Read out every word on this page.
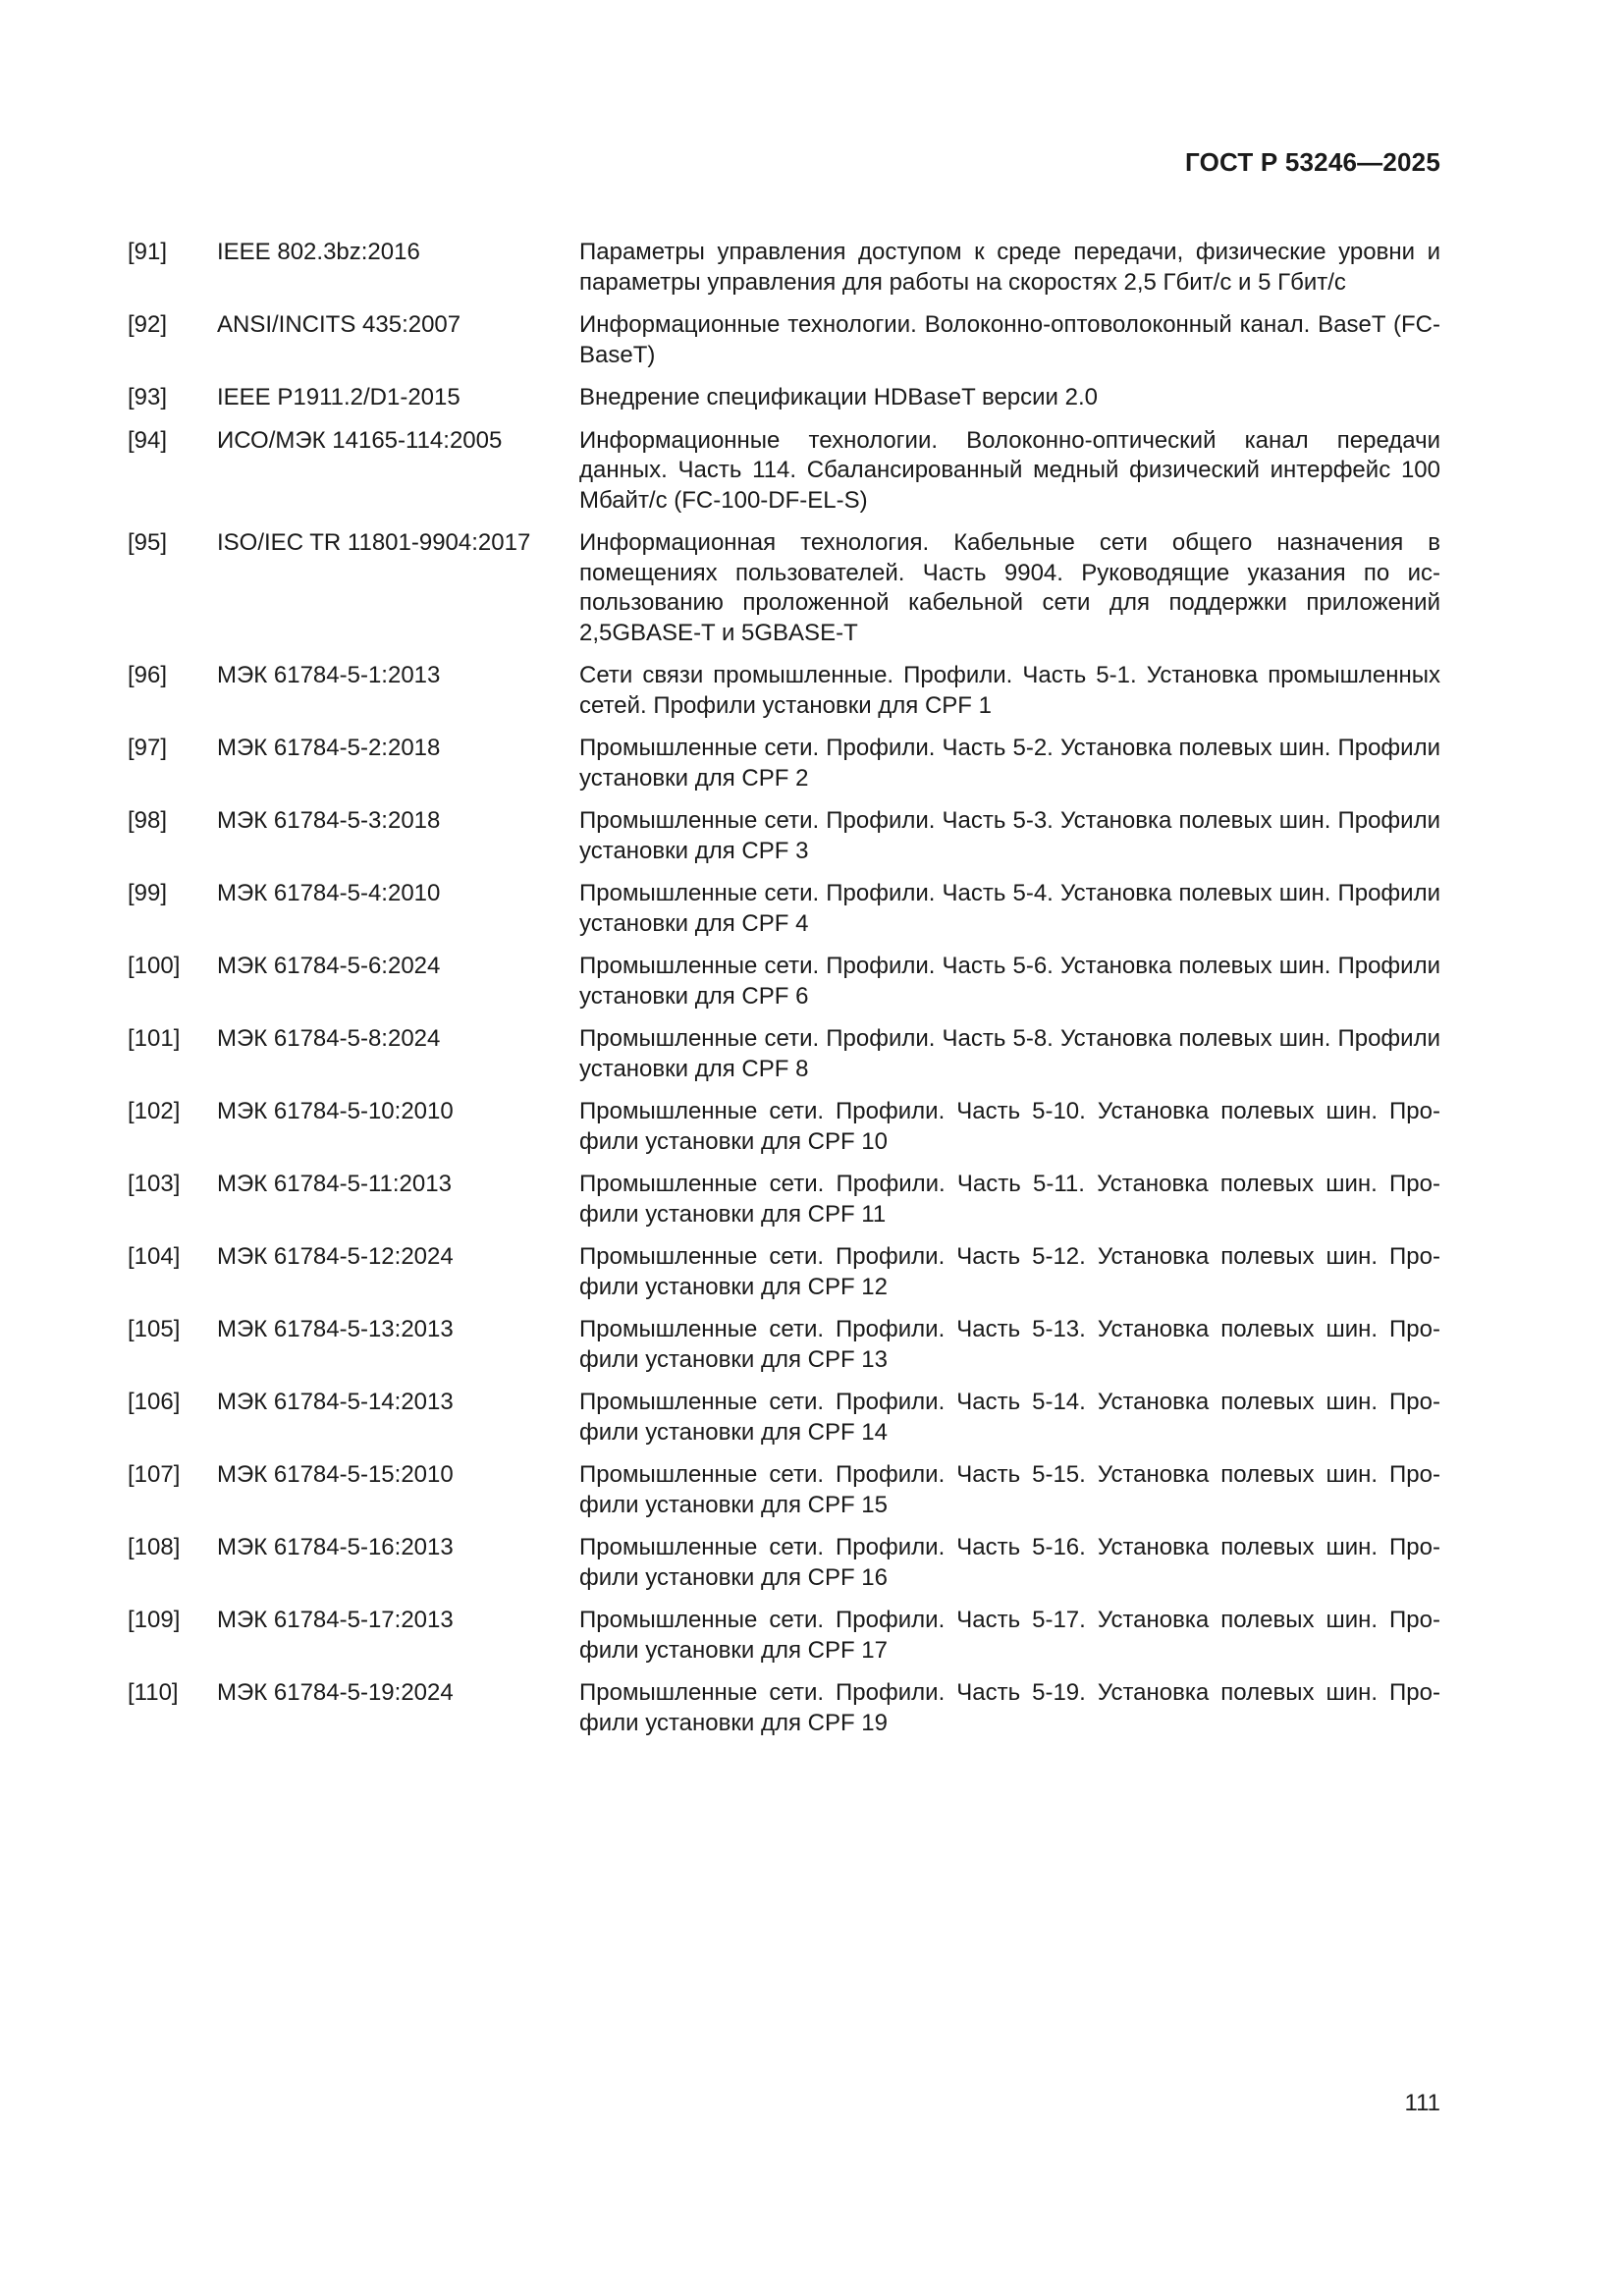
ГОСТ Р 53246—2025
[91]	IEEE 802.3bz:2016	Параметры управления доступом к среде передачи, физические уровни и параметры управления для работы на скоростях 2,5 Гбит/с и 5 Гбит/с
[92]	ANSI/INCITS 435:2007	Информационные технологии. Волоконно-оптоволоконный канал. BaseT (FC-BaseT)
[93]	IEEE P1911.2/D1-2015	Внедрение спецификации HDBaseT версии 2.0
[94]	ИСО/МЭК 14165-114:2005	Информационные технологии. Волоконно-оптический канал передачи данных. Часть 114. Сбалансированный медный физический интерфейс 100 Мбайт/с (FC-100-DF-EL-S)
[95]	ISO/IEC TR 11801-9904:2017	Информационная технология. Кабельные сети общего назначения в помещениях пользователей. Часть 9904. Руководящие указания по использованию проложенной кабельной сети для поддержки приложений 2,5GBASE-T и 5GBASE-T
[96]	МЭК 61784-5-1:2013	Сети связи промышленные. Профили. Часть 5-1. Установка промышленных сетей. Профили установки для CPF 1
[97]	МЭК 61784-5-2:2018	Промышленные сети. Профили. Часть 5-2. Установка полевых шин. Профили установки для CPF 2
[98]	МЭК 61784-5-3:2018	Промышленные сети. Профили. Часть 5-3. Установка полевых шин. Профили установки для CPF 3
[99]	МЭК 61784-5-4:2010	Промышленные сети. Профили. Часть 5-4. Установка полевых шин. Профили установки для CPF 4
[100]	МЭК 61784-5-6:2024	Промышленные сети. Профили. Часть 5-6. Установка полевых шин. Профили установки для CPF 6
[101]	МЭК 61784-5-8:2024	Промышленные сети. Профили. Часть 5-8. Установка полевых шин. Профили установки для CPF 8
[102]	МЭК 61784-5-10:2010	Промышленные сети. Профили. Часть 5-10. Установка полевых шин. Профили установки для CPF 10
[103]	МЭК 61784-5-11:2013	Промышленные сети. Профили. Часть 5-11. Установка полевых шин. Профили установки для CPF 11
[104]	МЭК 61784-5-12:2024	Промышленные сети. Профили. Часть 5-12. Установка полевых шин. Профили установки для CPF 12
[105]	МЭК 61784-5-13:2013	Промышленные сети. Профили. Часть 5-13. Установка полевых шин. Профили установки для CPF 13
[106]	МЭК 61784-5-14:2013	Промышленные сети. Профили. Часть 5-14. Установка полевых шин. Профили установки для CPF 14
[107]	МЭК 61784-5-15:2010	Промышленные сети. Профили. Часть 5-15. Установка полевых шин. Профили установки для CPF 15
[108]	МЭК 61784-5-16:2013	Промышленные сети. Профили. Часть 5-16. Установка полевых шин. Профили установки для CPF 16
[109]	МЭК 61784-5-17:2013	Промышленные сети. Профили. Часть 5-17. Установка полевых шин. Профили установки для CPF 17
[110]	МЭК 61784-5-19:2024	Промышленные сети. Профили. Часть 5-19. Установка полевых шин. Профили установки для CPF 19
111
